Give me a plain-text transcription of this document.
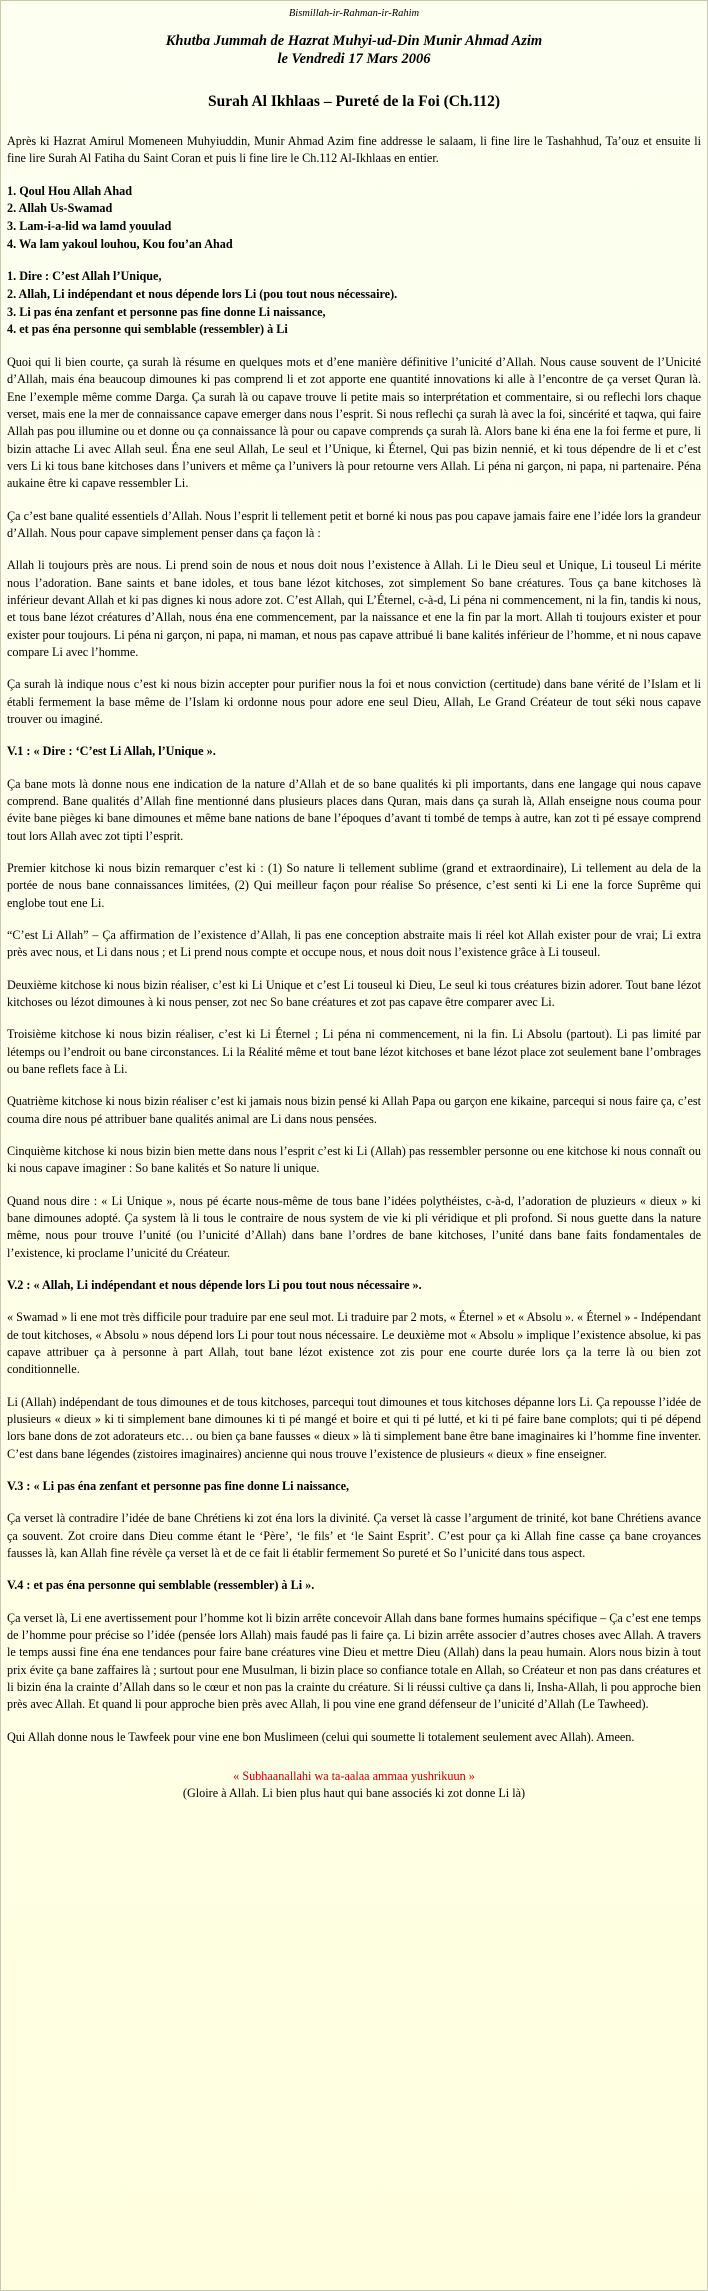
Bismillah-ir-Rahman-ir-Rahim
Khutba Jummah de Hazrat Muhyi-ud-Din Munir Ahmad Azim
le Vendredi 17 Mars 2006
Surah Al Ikhlaas – Pureté de la Foi (Ch.112)

Après ki Hazrat Amirul Momeneen Muhyiuddin, Munir Ahmad Azim fine addresse le salaam, li fine lire le Tashahhud, Ta’ouz et ensuite li fine lire Surah Al Fatiha du Saint Coran et puis li fine lire le Ch.112 Al-Ikhlaas en entier.

1. Qoul Hou Allah Ahad
2. Allah Us-Swamad
3. Lam-i-a-lid wa lamd youulad
4. Wa lam yakoul louhou, Kou fou’an Ahad
1. Dire : C’est Allah l’Unique,
2. Allah, Li indépendant et nous dépende lors Li (pou tout nous nécessaire).
3. Li pas éna zenfant et personne pas fine donne Li naissance,
4. et pas éna personne qui semblable (ressembler) à Li

Quoi qui li bien courte, ça surah là résume en quelques mots et d’ene manière définitive l’unicité d’Allah. Nous cause souvent de l’Unicité d’Allah, mais éna beaucoup dimounes ki pas comprend li et zot apporte ene quantité innovations ki alle à l’encontre de ça verset Quran là. Ene l’exemple même comme Darga. Ça surah là ou capave trouve li petite mais so interprétation et commentaire, si ou reflechi lors chaque verset, mais ene la mer de connaissance capave emerger dans nous l’esprit. Si nous reflechi ça surah là avec la foi, sincérité et taqwa, qui faire Allah pas pou illumine ou et donne ou ça connaissance là pour ou capave comprends ça surah là. Alors bane ki éna ene la foi ferme et pure, li bizin attache Li avec Allah seul. Éna ene seul Allah, Le seul et l’Unique, ki Éternel, Qui pas bizin nennié, et ki tous dépendre de li et c’est vers Li ki tous bane kitchoses dans l’univers et même ça l’univers là pour retourne vers Allah. Li péna ni garçon, ni papa, ni partenaire. Péna aukaine être ki capave ressembler Li.

Ça c’est bane qualité essentiels d’Allah. Nous l’esprit li tellement petit et borné ki nous pas pou capave jamais faire ene l’idée lors la grandeur d’Allah. Nous pour capave simplement penser dans ça façon là :

Allah li toujours près are nous. Li prend soin de nous et nous doit nous l’existence à Allah. Li le Dieu seul et Unique, Li touseul Li mérite nous l’adoration. Bane saints et bane idoles, et tous bane lézot kitchoses, zot simplement So bane créatures. Tous ça bane kitchoses là inférieur devant Allah et ki pas dignes ki nous adore zot. C’est Allah, qui L’Éternel, c-à-d, Li péna ni commencement, ni la fin, tandis ki nous, et tous bane lézot créatures d’Allah, nous éna ene commencement, par la naissance et ene la fin par la mort. Allah ti toujours exister et pour exister pour toujours. Li péna ni garçon, ni papa, ni maman, et nous pas capave attribué li bane kalités inférieur de l’homme, et ni nous capave compare Li avec l’homme.

Ça surah là indique nous c’est ki nous bizin accepter pour purifier nous la foi et nous conviction (certitude) dans bane vérité de l’Islam et li établi fermement la base même de l’Islam ki ordonne nous pour adore ene seul Dieu, Allah, Le Grand Créateur de tout séki nous capave trouver ou imaginé.

V.1 : « Dire : ‘C’est Li Allah, l’Unique ».

Ça bane mots là donne nous ene indication de la nature d’Allah et de so bane qualités ki pli importants, dans ene langage qui nous capave comprend. Bane qualités d’Allah fine mentionné dans plusieurs places dans Quran, mais dans ça surah là, Allah enseigne nous couma pour évite bane pièges ki bane dimounes et même bane nations de bane l’époques d’avant ti tombé de temps à autre, kan zot ti pé essaye comprend tout lors Allah avec zot tipti l’esprit.

Premier kitchose ki nous bizin remarquer c’est ki : (1) So nature li tellement sublime (grand et extraordinaire), Li tellement au dela de la portée de nous bane connaissances limitées, (2) Qui meilleur façon pour réalise So présence, c’est senti ki Li ene la force Suprême qui englobe tout ene Li.

“C’est Li Allah” – Ça affirmation de l’existence d’Allah, li pas ene conception abstraite mais li réel kot Allah exister pour de vrai; Li extra près avec nous, et Li dans nous ; et Li prend nous compte et occupe nous, et nous doit nous l’existence grâce à Li touseul.

Deuxième kitchose ki nous bizin réaliser, c’est ki Li Unique et c’est Li touseul ki Dieu, Le seul ki tous créatures bizin adorer. Tout bane lézot kitchoses ou lézot dimounes à ki nous penser, zot nec So bane créatures et zot pas capave être comparer avec Li.

Troisième kitchose ki nous bizin réaliser, c’est ki Li Éternel ; Li péna ni commencement, ni la fin. Li Absolu (partout). Li pas limité par létemps ou l’endroit ou bane circonstances. Li la Réalité même et tout bane lézot kitchoses et bane lézot place zot seulement bane l’ombrages ou bane reflets face à Li.

Quatrième kitchose ki nous bizin réaliser c’est ki jamais nous bizin pensé ki Allah Papa ou garçon ene kikaine, parcequi si nous faire ça, c’est couma dire nous pé attribuer bane qualités animal are Li dans nous pensées.

Cinquième kitchose ki nous bizin bien mette dans nous l’esprit c’est ki Li (Allah) pas ressembler personne ou ene kitchose ki nous connaît ou ki nous capave imaginer : So bane kalités et So nature li unique.

Quand nous dire : « Li Unique », nous pé écarte nous-même de tous bane l’idées polythéistes, c-à-d, l’adoration de pluzieurs « dieux » ki bane dimounes adopté. Ça system là li tous le contraire de nous system de vie ki pli véridique et pli profond. Si nous guette dans la nature même, nous pour trouve l’unité (ou l’unicité d’Allah) dans bane l’ordres de bane kitchoses, l’unité dans bane faits fondamentales de l’existence, ki proclame l’unicité du Créateur.

V.2 : « Allah, Li indépendant et nous dépende lors Li pou tout nous nécessaire ».

« Swamad » li ene mot très difficile pour traduire par ene seul mot. Li traduire par 2 mots, « Éternel » et « Absolu ». « Éternel » - Indépendant de tout kitchoses, « Absolu » nous dépend lors Li pour tout nous nécessaire. Le deuxième mot « Absolu » implique l’existence absolue, ki pas capave attribuer ça à personne à part Allah, tout bane lézot existence zot zis pour ene courte durée lors ça la terre là ou bien zot conditionnelle.

Li (Allah) indépendant de tous dimounes et de tous kitchoses, parcequi tout dimounes et tous kitchoses dépanne lors Li. Ça repousse l’idée de plusieurs « dieux » ki ti simplement bane dimounes ki ti pé mangé et boire et qui ti pé lutté, et ki ti pé faire bane complots; qui ti pé dépend lors bane dons de zot adorateurs etc… ou bien ça bane fausses « dieux » là ti simplement bane être bane imaginaires ki l’homme fine inventer. C’est dans bane légendes (zistoires imaginaires) ancienne qui nous trouve l’existence de plusieurs « dieux » fine enseigner.

V.3 : « Li pas éna zenfant et personne pas fine donne Li naissance,

Ça verset là contradire l’idée de bane Chrétiens ki zot éna lors la divinité. Ça verset là casse l’argument de trinité, kot bane Chrétiens avance ça souvent. Zot croire dans Dieu comme étant le ‘Père’, ‘le fils’ et ‘le Saint Esprit’. C’est pour ça ki Allah fine casse ça bane croyances fausses là, kan Allah fine révèle ça verset là et de ce fait li établir fermement So pureté et So l’unicité dans tous aspect.

V.4 : et pas éna personne qui semblable (ressembler) à Li ».

Ça verset là, Li ene avertissement pour l’homme kot li bizin arrête concevoir Allah dans bane formes humains spécifique – Ça c’est ene temps de l’homme pour précise so l’idée (pensée lors Allah) mais faudé pas li faire ça. Li bizin arrête associer d’autres choses avec Allah. A travers le temps aussi fine éna ene tendances pour faire bane créatures vine Dieu et mettre Dieu (Allah) dans la peau humain. Alors nous bizin à tout prix évite ça bane zaffaires là ; surtout pour ene Musulman, li bizin place so confiance totale en Allah, so Créateur et non pas dans créatures et li bizin éna la crainte d’Allah dans so le cœur et non pas la crainte du créature. Si li réussi cultive ça dans li, Insha-Allah, li pou approche bien près avec Allah. Et quand li pour approche bien près avec Allah, li pou vine ene grand défenseur de l’unicité d’Allah (Le Tawheed).

Qui Allah donne nous le Tawfeek pour vine ene bon Muslimeen (celui qui soumette li totalement seulement avec Allah). Ameen.

« Subhaanallahi wa ta-aalaa ammaa yushrikuun »
(Gloire à Allah. Li bien plus haut qui bane associés ki zot donne Li là)
